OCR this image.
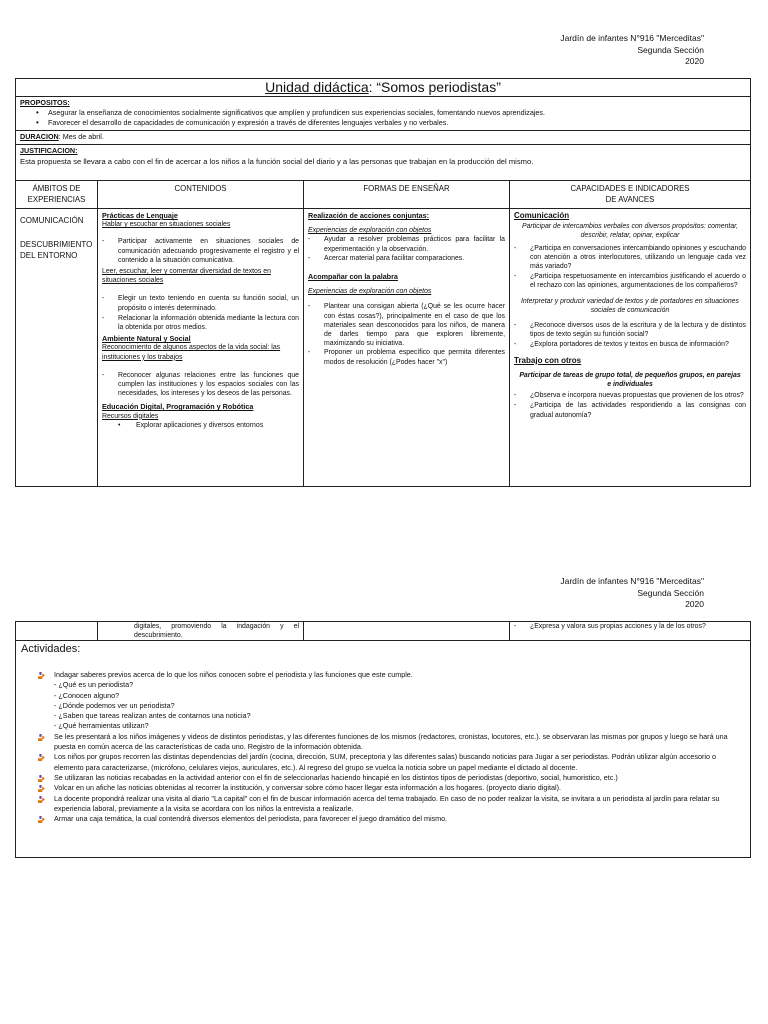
Jardín de infantes N°916 "Merceditas"
Segunda Sección
2020
Unidad didáctica: “Somos periodistas”
PROPOSITOS:
• Asegurar la enseñanza de conocimientos socialmente significativos que amplíen y profundicen sus experiencias sociales, fomentando nuevos aprendizajes.
• Favorecer el desarrollo de capacidades de comunicación y expresión a través de diferentes lenguajes verbales y no verbales.
DURACION: Mes de abril.
JUSTIFICACION:
Esta propuesta se llevara a cabo con el fin de acercar a los niños a la función social del diario y a las personas que trabajan en la producción del mismo.
ÁMBITOS DE
EXPERIENCIAS
CONTENIDOS	FORMAS DE ENSEÑAR	CAPACIDADES E INDICADORES
DE AVANCES

COMUNICACIÓN

DESCUBRIMIENTO DEL ENTORNO

Prácticas de Lenguaje
Hablar y escuchar en situaciones sociales
- Participar activamente en situaciones sociales de comunicación adecuando progresivamente el registro y el contenido a la situación comunicativa.
Leer, escuchar, leer y comentar diversidad de textos en situaciones sociales
- Elegir un texto teniendo en cuenta su función social, un propósito o interés determinado.
- Relacionar la información obtenida mediante la lectura con la obtenida por otros medios.
Ambiente Natural y Social
Reconocimiento de algunos aspectos de la vida social: las instituciones y los trabajos
- Reconocer algunas relaciones entre las funciones que cumplen las instituciones y los espacios sociales con las necesidades, los intereses y los deseos de las personas.
Educación Digital, Programación y Robótica
Recursos digitales
• Explorar aplicaciones y diversos entornos
Realización de acciones conjuntas:
Experiencias de exploración con objetos
- Ayudar a resolver problemas prácticos para facilitar la experimentación y la observación.
- Acercar material para facilitar comparaciones.
Acompañar con la palabra
Experiencias de exploración con objetos
- Plantear una consigan abierta (¿Qué se les ocurre hacer con éstas cosas?), principalmente en el caso de que los materiales sean desconocidos para los niños, de manera de darles tiempo para que exploren libremente, maximizando su iniciativa.
- Proponer un problema específico que permita diferentes modos de resolución (¿Podes hacer "x")
Comunicación
Participar de intercambios verbales con diversos propósitos: comentar, describir, relatar, opinar, explicar
- ¿Participa en conversaciones intercambiando opiniones y escuchando con atención a otros interlocutores, utilizando un lenguaje cada vez más variado?
- ¿Participa respetuosamente en intercambios justificando el acuerdo o el rechazo con las opiniones, argumentaciones de los compañeros?
Interpretar y producir variedad de textos y de portadores en situaciones sociales de comunicación
- ¿Reconoce diversos usos de la escritura y de la lectura y de distintos tipos de texto según su función social?
- ¿Explora portadores de textos y textos en busca de información?
Trabajo con otros
Participar de tareas de grupo total, de pequeños grupos, en parejas e individuales
- ¿Observa e incorpora nuevas propuestas que provienen de los otros?
- ¿Participa de las actividades respondiendo a las consignas con gradual autonomía?
Jardín de infantes N°916 "Merceditas"
Segunda Sección
2020
digitales, promoviendo la indagación y el descubrimiento.
- ¿Expresa y valora sus propias acciones y la de los otros?
Actividades:
Indagar saberes previos acerca de lo que los niños conocen sobre el periodista y las funciones que este cumple.
- ¿Qué es un periodista?
- ¿Conocen alguno?
- ¿Dónde podemos ver un periodista?
- ¿Saben que tareas realizan antes de contarnos una noticia?
- ¿Qué herramientas utilizan?
Se les presentará a los niños imágenes y videos de distintos periodistas, y las diferentes funciones de los mismos (redactores, cronistas, locutores, etc.). se observaran las mismas por grupos y luego se hará una puesta en común acerca de las características de cada uno. Registro de la información obtenida.
Los niños por grupos recorren las distintas dependencias del jardín (cocina, dirección, SUM, preceptoria y las diferentes salas) buscando noticias para Jugar a ser periodistas. Podrán utilizar algún accesorio o elemento para caracterizarse, (micrófono, celulares viejos, auriculares, etc.). Al regreso del grupo se vuelca la noticia sobre un papel mediante el dictado al docente.
Se utilizaran las noticias recabadas en la actividad anterior con el fin de seleccionarlas haciendo hincapié en los distintos tipos de periodistas (deportivo, social, humoristico, etc.)
Volcar en un afiche las noticias obtenidas al recorrer la institución, y conversar sobre cómo hacer llegar esta información a los hogares. (proyecto diario digital).
La docente propondrá realizar una visita al diario "La capital" con el fin de buscar información acerca del tema trabajado. En caso de no poder realizar la visita, se invitara a un periodista al jardín para relatar su experiencia laboral, previamente a la visita se acordara con los niños la entrevista a realizarle.
Armar una caja temática, la cual contendrá diversos elementos del periodista, para favorecer el juego dramático del mismo.
